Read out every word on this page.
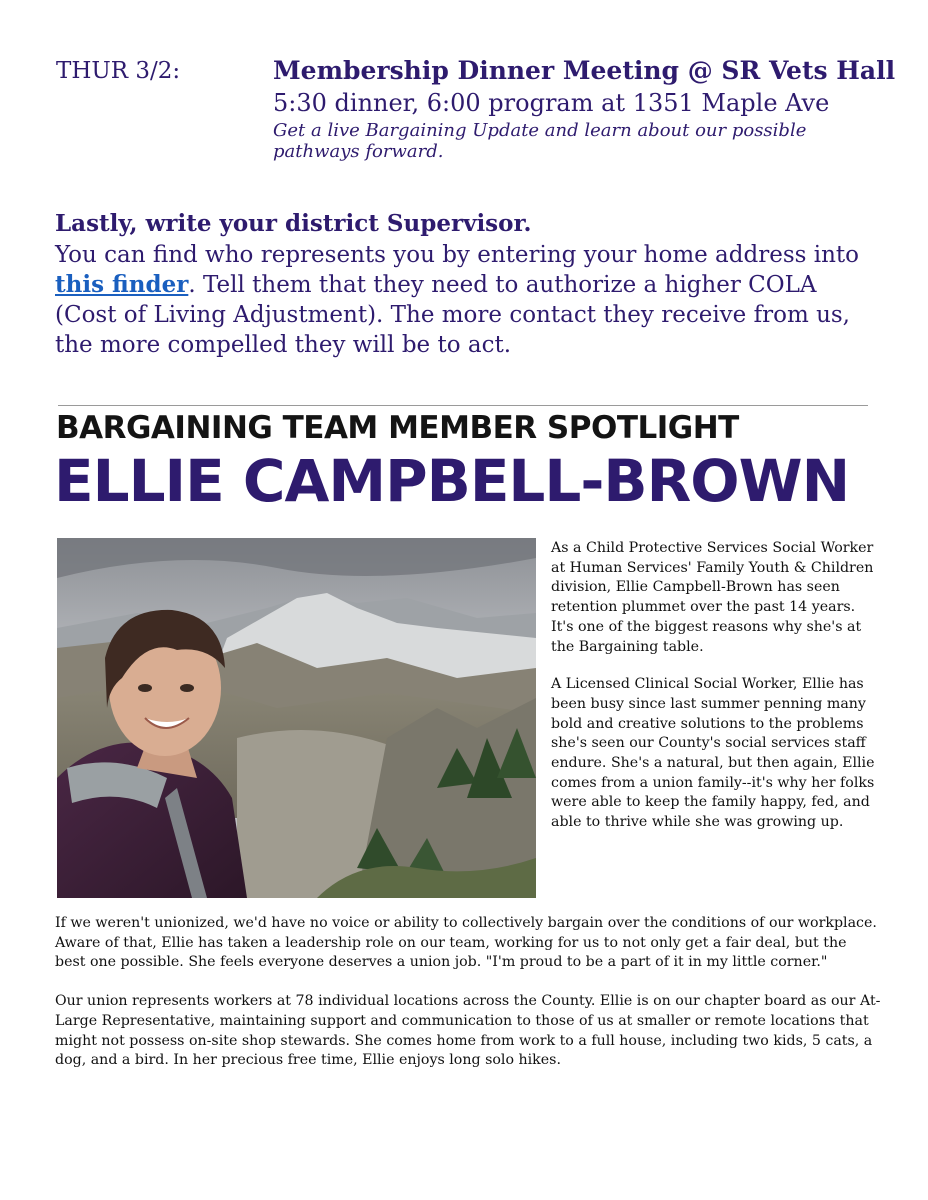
THUR 3/2:	Membership Dinner Meeting @ SR Vets Hall
5:30 dinner, 6:00 program at 1351 Maple Ave
Get a live Bargaining Update and learn about our possible pathways forward.
Lastly, write your district Supervisor.
You can find who represents you by entering your home address into this finder. Tell them that they need to authorize a higher COLA (Cost of Living Adjustment). The more contact they receive from us, the more compelled they will be to act.
BARGAINING TEAM MEMBER SPOTLIGHT
ELLIE CAMPBELL-BROWN

As a Child Protective Services Social Worker at Human Services' Family Youth & Children division, Ellie Campbell-Brown has seen retention plummet over the past 14 years. It's one of the biggest reasons why she's at the Bargaining table.

A Licensed Clinical Social Worker, Ellie has been busy since last summer penning many bold and creative solutions to the problems she's seen our County's social services staff endure. She's a natural, but then again, Ellie comes from a union family--it's why her folks were able to keep the family happy, fed, and able to thrive while she was growing up.

If we weren't unionized, we'd have no voice or ability to collectively bargain over the conditions of our workplace. Aware of that, Ellie has taken a leadership role on our team, working for us to not only get a fair deal, but the best one possible. She feels everyone deserves a union job. "I'm proud to be a part of it in my little corner."

Our union represents workers at 78 individual locations across the County. Ellie is on our chapter board as our At-Large Representative, maintaining support and communication to those of us at smaller or remote locations that might not possess on-site shop stewards. She comes home from work to a full house, including two kids, 5 cats, a dog, and a bird. In her precious free time, Ellie enjoys long solo hikes.
